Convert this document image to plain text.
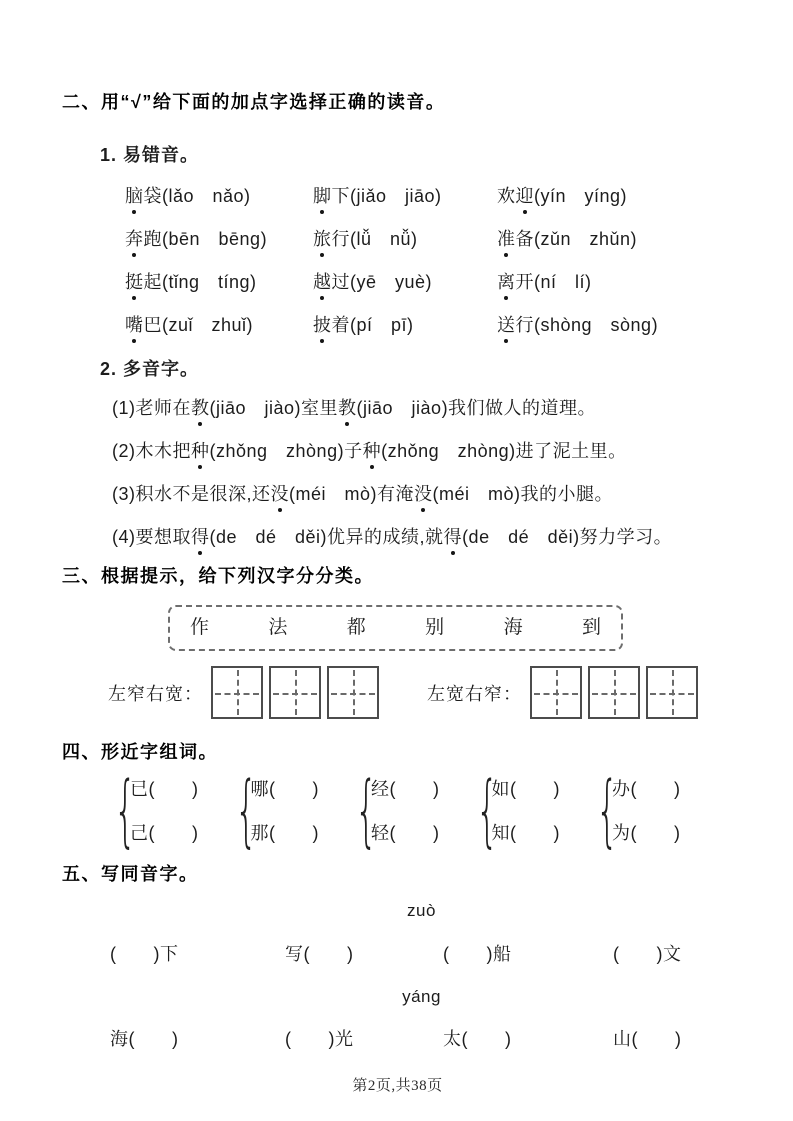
二、用“√”给下面的加点字选择正确的读音。
1. 易错音。
脑袋(lǎo　nǎo)	脚下(jiǎo　jiāo)	欢迎(yín　yíng)
奔跑(bēn　bēng)	旅行(lǚ　nǚ)	准备(zǔn　zhǔn)
挺起(tǐng　tíng)	越过(yē　yuè)	离开(ní　lí)
嘴巴(zuǐ　zhuǐ)	披着(pí　pī)	送行(shòng　sòng)
2. 多音字。
(1)老师在教(jiāo　jiào)室里教(jiāo　jiào)我们做人的道理。
(2)木木把种(zhǒng　zhòng)子种(zhǒng　zhòng)进了泥土里。
(3)积水不是很深,还没(méi　mò)有淹没(méi　mò)我的小腿。
(4)要想取得(de　dé　děi)优异的成绩,就得(de　dé　děi)努力学习。
三、根据提示，给下列汉字分分类。
作	法	都	别	海	到
左窄右宽：	左宽右窄：
四、形近字组词。
{
已(　　)
己(　　)
{
哪(　　)
那(　　)
{
经(　　)
轻(　　)
{
如(　　)
知(　　)
{
办(　　)
为(　　)
五、写同音字。
zuò
(　　)下	写(　　)	(　　)船	(　　)文
yáng
海(　　)	(　　)光	太(　　)	山(　　)
第2页,共38页
